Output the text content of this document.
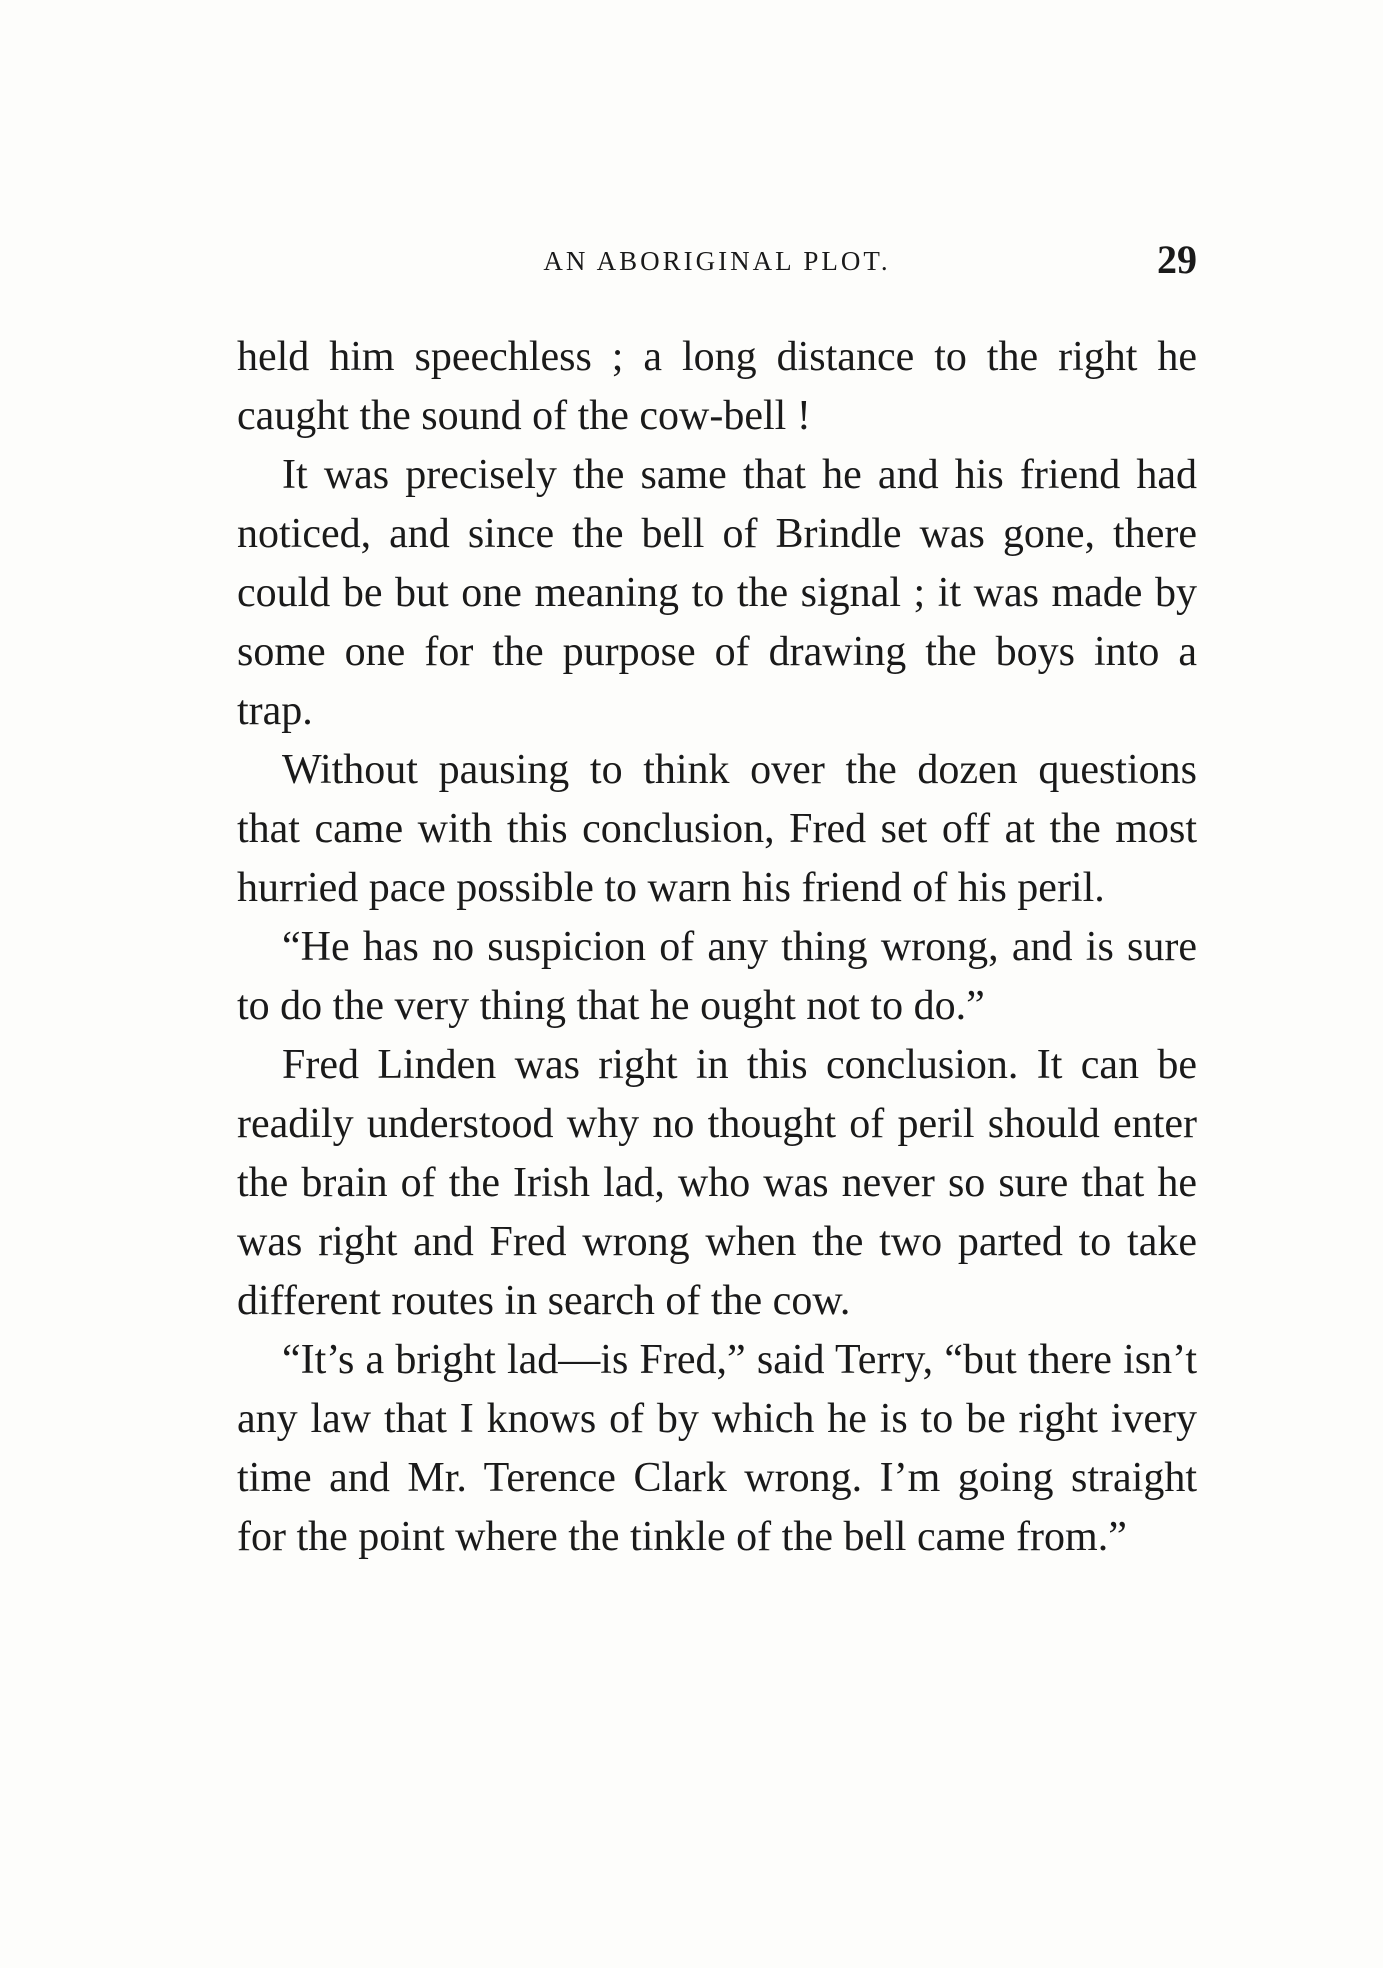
AN ABORIGINAL PLOT.	29

held him speechless ; a long distance to the right he caught the sound of the cow-bell !

It was precisely the same that he and his friend had noticed, and since the bell of Brindle was gone, there could be but one meaning to the signal ; it was made by some one for the purpose of drawing the boys into a trap.

Without pausing to think over the dozen questions that came with this conclusion, Fred set off at the most hurried pace possible to warn his friend of his peril.

“He has no suspicion of any thing wrong, and is sure to do the very thing that he ought not to do.”

Fred Linden was right in this conclusion. It can be readily understood why no thought of peril should enter the brain of the Irish lad, who was never so sure that he was right and Fred wrong when the two parted to take different routes in search of the cow.

“It’s a bright lad—is Fred,” said Terry, “but there isn’t any law that I knows of by which he is to be right ivery time and Mr. Terence Clark wrong. I’m going straight for the point where the tinkle of the bell came from.”
